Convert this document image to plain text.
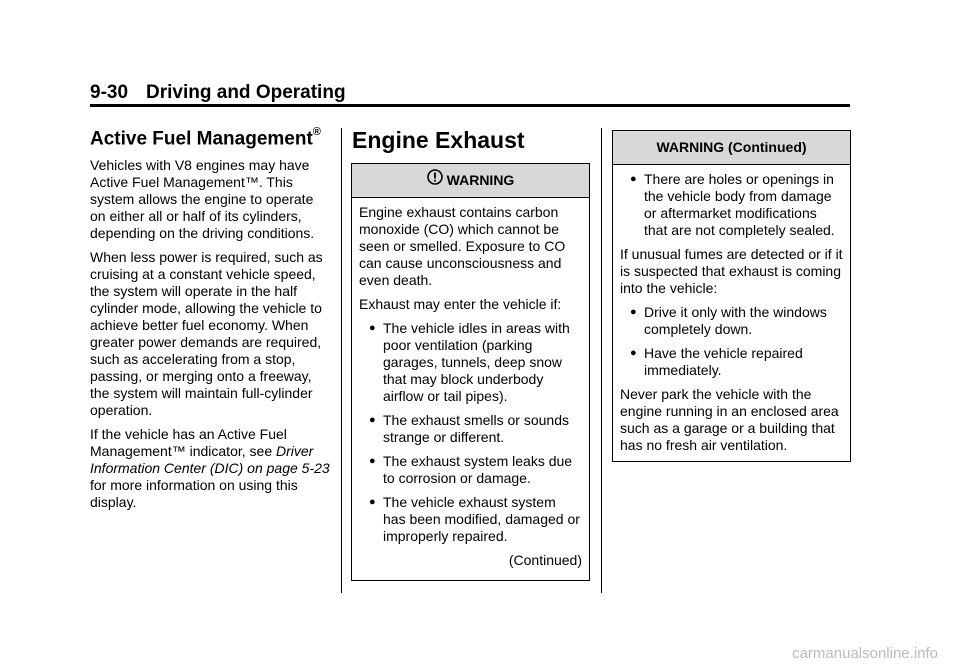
9-30 Driving and Operating
Active Fuel Management®

Vehicles with V8 engines may have Active Fuel Management™. This system allows the engine to operate on either all or half of its cylinders, depending on the driving conditions.

When less power is required, such as cruising at a constant vehicle speed, the system will operate in the half cylinder mode, allowing the vehicle to achieve better fuel economy. When greater power demands are required, such as accelerating from a stop, passing, or merging onto a freeway, the system will maintain full-cylinder operation.

If the vehicle has an Active Fuel Management™ indicator, see Driver Information Center (DIC) on page 5-23 for more information on using this display.

Engine Exhaust
WARNING

Engine exhaust contains carbon monoxide (CO) which cannot be seen or smelled. Exposure to CO can cause unconsciousness and even death.

Exhaust may enter the vehicle if:

● The vehicle idles in areas with poor ventilation (parking garages, tunnels, deep snow that may block underbody airflow or tail pipes).
● The exhaust smells or sounds strange or different.
● The exhaust system leaks due to corrosion or damage.
● The vehicle exhaust system has been modified, damaged or improperly repaired.

(Continued)

WARNING (Continued)
● There are holes or openings in the vehicle body from damage or aftermarket modifications that are not completely sealed.

If unusual fumes are detected or if it is suspected that exhaust is coming into the vehicle:

● Drive it only with the windows completely down.
● Have the vehicle repaired immediately.

Never park the vehicle with the engine running in an enclosed area such as a garage or a building that has no fresh air ventilation.

carmanualsonline.info
